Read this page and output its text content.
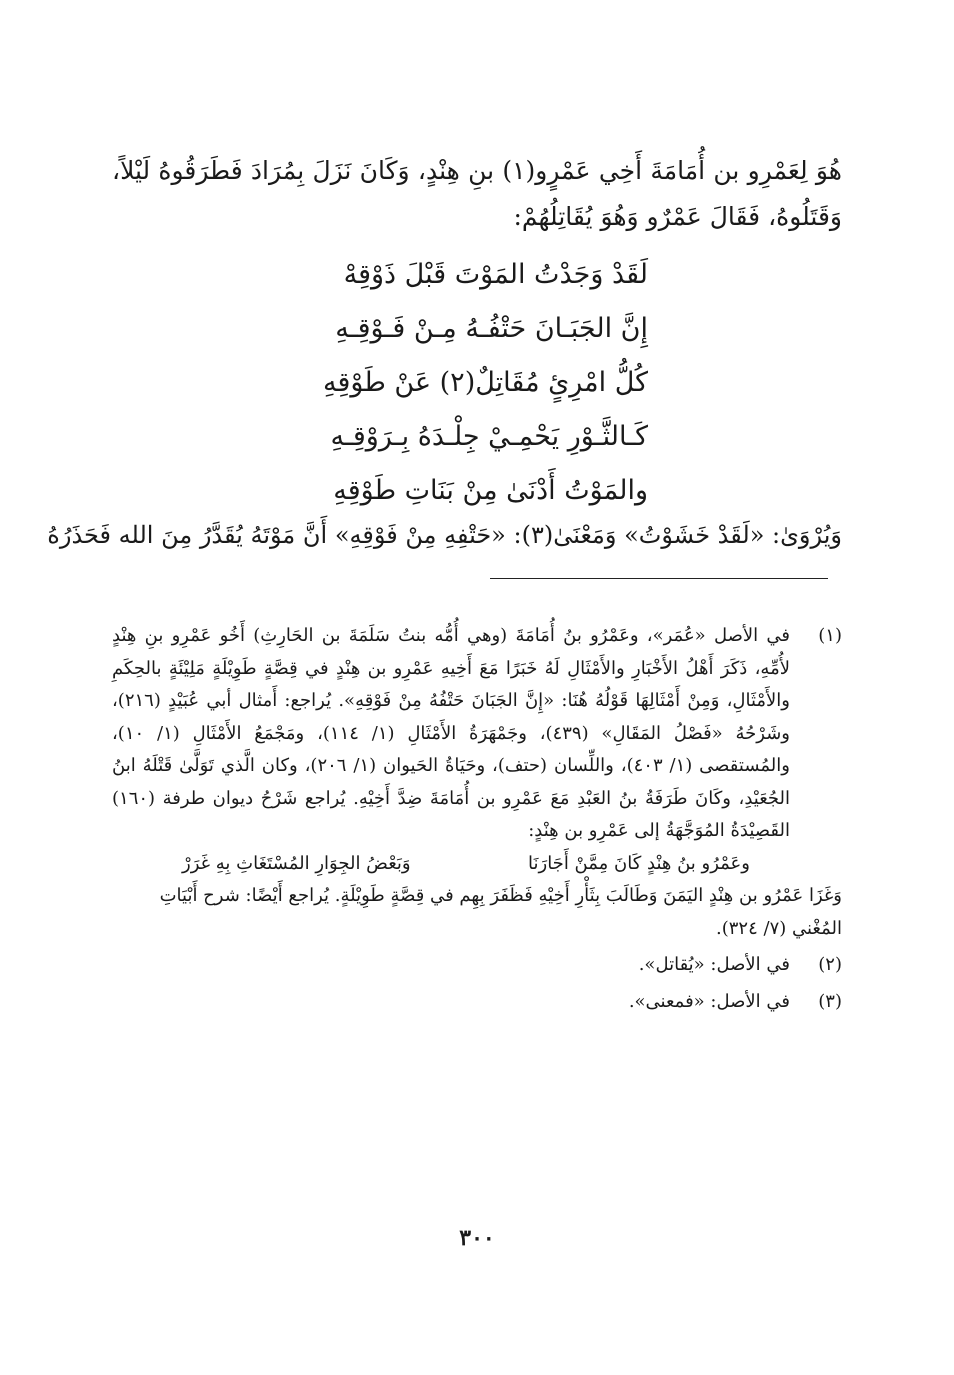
هُوَ لِعَمْرِو بن أُمَامَةَ أَخِي عَمْرٍو(١) بنِ هِنْدٍ، وَكَانَ نَزَلَ بِمُرَادَ فَطَرَقُوهُ لَيْلاً، وَقَتَلُوهُ، فَقَالَ عَمْرٌو وَهُوَ يُقَاتِلُهُمْ:

لَقَدْ وَجَدْتُ المَوْتَ قَبْلَ ذَوْقِهْ
إِنَّ الجَبَـانَ حَتْفُـهُ مِـنْ فَـوْقِـهِ
كُلُّ امْرِئٍ مُقَاتِلٌ(٢) عَنْ طَوْقِهِ
كَـالثَّـوْرِ يَحْمِـيْ جِلْـدَهُ بِـرَوْقِـهِ
والمَوْتُ أَدْنَىٰ مِنْ بَنَاتِ طَوْقِهِ
وَيُرْوَىٰ: «لَقَدْ خَشَوْتُ» وَمَعْنَىٰ(٣): «حَتْفِهِ مِنْ فَوْقِهِ» أَنَّ مَوْتَهُ يُقَدَّرُ مِنَ الله فَحَذَرُهُ
(١)

في الأصل «عُمَر»، وعَمْرُو بنُ أُمَامَةَ (وهي أُمُّه بنتُ سَلَمَةَ بن الحَارِثِ) أَخُو عَمْرِو بنِ هِنْدٍ لأُمِّهِ، ذَكَرَ أَهْلُ الأَخْبَارِ والأَمْثَالِ لَهُ خَبَرًا مَعَ أَخِيهِ عَمْرِو بن هِنْدٍ في قِصَّةٍ طَوِيْلَةٍ مَلِيْئَةٍ بالحِكَمِ والأَمْثَالِ، وَمِنْ أَمْثَالِهَا قَوْلُهُ هُنَا: «إِنَّ الجَبَانَ حَتْفُهُ مِنْ فَوْقِهِ». يُراجع: أَمثال أبي عُبَيْدٍ (٢١٦)، وشَرْحُهُ «فَصْلُ المَقَالِ» (٤٣٩)، وجَمْهَرَةُ الأَمْثَالِ (١/ ١١٤)، ومَجْمَعُ الأَمْثَالِ (١/ ١٠)، والمُستقصى (١/ ٤٠٣)، واللِّسان (حتف)، وحَيَاةُ الحَيوان (١/ ٢٠٦)، وكان الَّذي تَوَلَّىٰ قَتْلَهُ ابنُ الجُعَيْدِ، وكَانَ طَرَفَةُ بنُ العَبْدِ مَعَ عَمْرِو بن أُمَامَةَ ضِدَّ أَخِيْهِ. يُراجع شَرْحُ ديوان طرفة (١٦٠) القَصِيْدَةُ المُوَجَّهَةُ إلى عَمْرِو بن هِنْدٍ:

وعَمْرُو بنُ هِنْدٍ كَانَ مِمَّنْ أَجَارَنَا
وَبَعْضُ الجِوَارِ المُسْتَغَاثِ بِهِ غَرَرْ

وَغَزَا عَمْرُو بن هِنْدٍ اليَمَنَ وَطَالَبَ بِثَأْرِ أَخِيْهِ فَظَفَرَ بِهِم في قِصَّةٍ طَوِيْلَةٍ. يُراجع أَيْضًا: شرح أَبْيَاتِ المُغْني (٧/ ٣٢٤).

(٢)

في الأصل: «يُقاتل».

(٣)

في الأصل: «فمعنى».

٣٠٠
